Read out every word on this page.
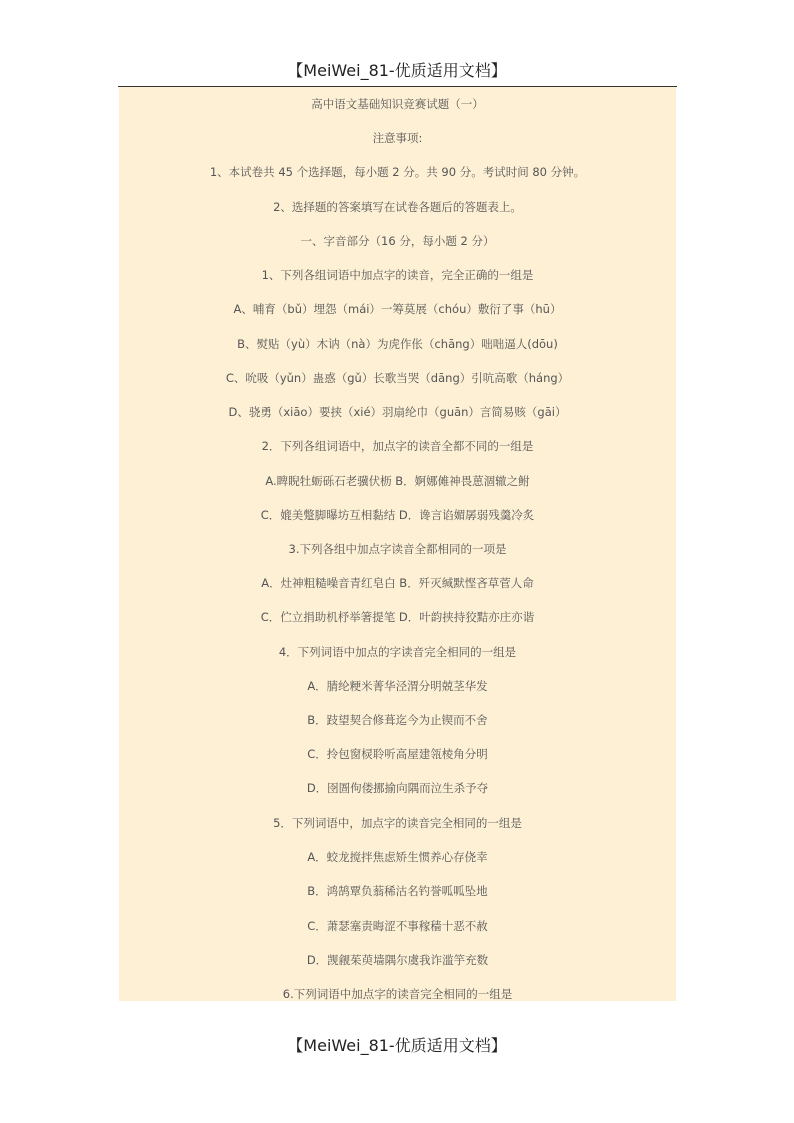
【MeiWei_81-优质适用文档】
高中语文基础知识竞赛试题（一）
注意事项:
1、本试卷共 45 个选择题，每小题 2 分。共 90 分。考试时间 80 分钟。
2、选择题的答案填写在试卷各题后的答题表上。
一、字音部分（16 分，每小题 2 分）
1、下列各组词语中加点字的读音，完全正确的一组是
A、哺育（bǔ）埋怨（mái）一筹莫展（chóu）敷衍了事（hū）
B、熨贴（yù）木讷（nà）为虎作伥（chāng）咄咄逼人(dōu)
C、吮吸（yǔn）蛊惑（gǔ）长歌当哭（dāng）引吭高歌（háng）
D、骁勇（xiāo）要挟（xié）羽扇纶巾（guān）言简易赅（gāi）
2．下列各组词语中，加点字的读音全都不同的一组是
A.睥睨牡蛎砾石老骥伏枥 B．婀娜傩神畏葸涸辙之鲋
C．媲美蹩脚曝坊互相黏结 D．谗言谄媚孱弱残羹冷炙
3.下列各组中加点字读音全都相同的一项是
A．灶神粗糙噪音青红皂白 B．歼灭缄默悭吝草菅人命
C．伫立捐助机杼举箸提笔 D．叶韵挟持狡黠亦庄亦谐
4．下列词语中加点的字读音完全相同的一组是
A．腈纶粳米菁华泾渭分明兢茎华发
B．跂望契合修葺迄今为止锲而不舍
C．拎包窗棂聆听高屋建瓴棱角分明
D．囹圄佝偻挪揄向隅而泣生杀予夺
5．下列词语中，加点字的读音完全相同的一组是
A．蛟龙搅拌焦虑矫生惯养心存侥幸
B．鸿鹄覃负蓊稀沽名钓誉呱呱坠地
C．萧瑟塞责晦涩不事稼穑十恶不赦
D．觊觎茱萸墙隅尔虞我诈滥竽充数
6.下列词语中加点字的读音完全相同的一组是
【MeiWei_81-优质适用文档】
